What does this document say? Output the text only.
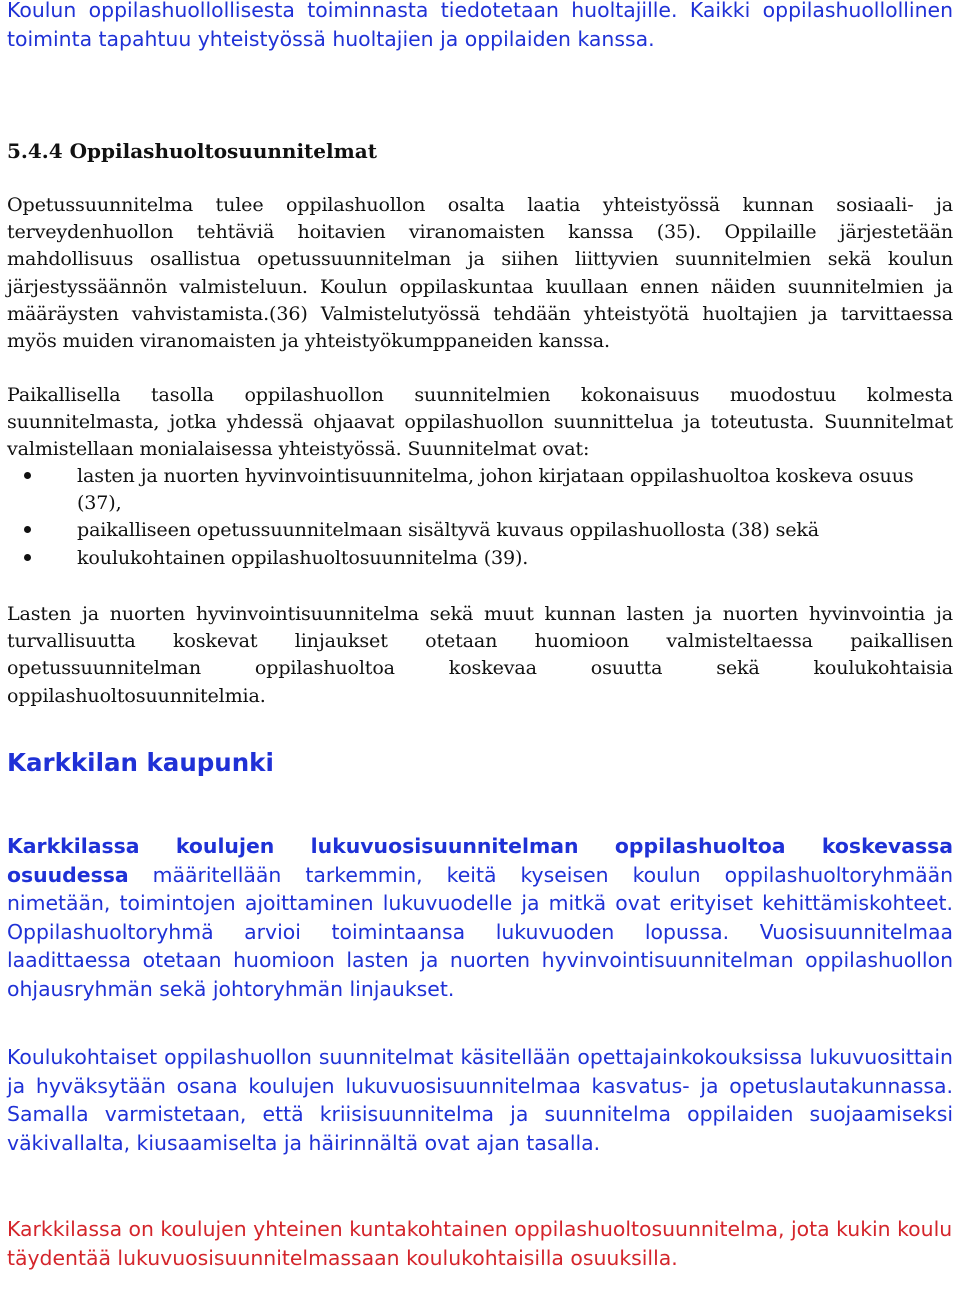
Koulun oppilashuollollisesta toiminnasta tiedotetaan huoltajille. Kaikki oppilashuollollinen toiminta tapahtuu yhteistyössä huoltajien ja oppilaiden kanssa.

5.4.4 Oppilashuoltosuunnitelmat

Opetussuunnitelma tulee oppilashuollon osalta laatia yhteistyössä kunnan sosiaali- ja terveydenhuollon tehtäviä hoitavien viranomaisten kanssa (35). Oppilaille järjestetään mahdollisuus osallistua opetussuunnitelman ja siihen liittyvien suunnitelmien sekä koulun järjestyssäännön valmisteluun. Koulun oppilaskuntaa kuullaan ennen näiden suunnitelmien ja määräysten vahvistamista.(36) Valmistelutyössä tehdään yhteistyötä huoltajien ja tarvittaessa myös muiden viranomaisten ja yhteistyökumppaneiden kanssa.

Paikallisella tasolla oppilashuollon suunnitelmien kokonaisuus muodostuu kolmesta suunnitelmasta, jotka yhdessä ohjaavat oppilashuollon suunnittelua ja toteutusta. Suunnitelmat valmistellaan monialaisessa yhteistyössä. Suunnitelmat ovat:

lasten ja nuorten hyvinvointisuunnitelma, johon kirjataan oppilashuoltoa koskeva osuus (37),
paikalliseen opetussuunnitelmaan sisältyvä kuvaus oppilashuollosta (38) sekä
koulukohtainen oppilashuoltosuunnitelma (39).

Lasten ja nuorten hyvinvointisuunnitelma sekä muut kunnan lasten ja nuorten hyvinvointia ja turvallisuutta koskevat linjaukset otetaan huomioon valmisteltaessa paikallisen opetussuunnitelman oppilashuoltoa koskevaa osuutta sekä koulukohtaisia oppilashuoltosuunnitelmia.

Karkkilan kaupunki

Karkkilassa koulujen lukuvuosisuunnitelman oppilashuoltoa koskevassa osuudessa määritellään tarkemmin, keitä kyseisen koulun oppilashuoltoryhmään nimetään, toimintojen ajoittaminen lukuvuodelle ja mitkä ovat erityiset kehittämiskohteet. Oppilashuoltoryhmä arvioi toimintaansa lukuvuoden lopussa. Vuosisuunnitelmaa laadittaessa otetaan huomioon lasten ja nuorten hyvinvointisuunnitelman oppilashuollon ohjausryhmän sekä johtoryhmän linjaukset.

Koulukohtaiset oppilashuollon suunnitelmat käsitellään opettajainkokouksissa lukuvuosittain ja hyväksytään osana koulujen lukuvuosisuunnitelmaa kasvatus- ja opetuslautakunnassa. Samalla varmistetaan, että kriisisuunnitelma ja suunnitelma oppilaiden suojaamiseksi väkivallalta, kiusaamiselta ja häirinnältä ovat ajan tasalla.

Karkkilassa on koulujen yhteinen kuntakohtainen oppilashuoltosuunnitelma, jota kukin koulu täydentää lukuvuosisuunnitelmassaan koulukohtaisilla osuuksilla.
